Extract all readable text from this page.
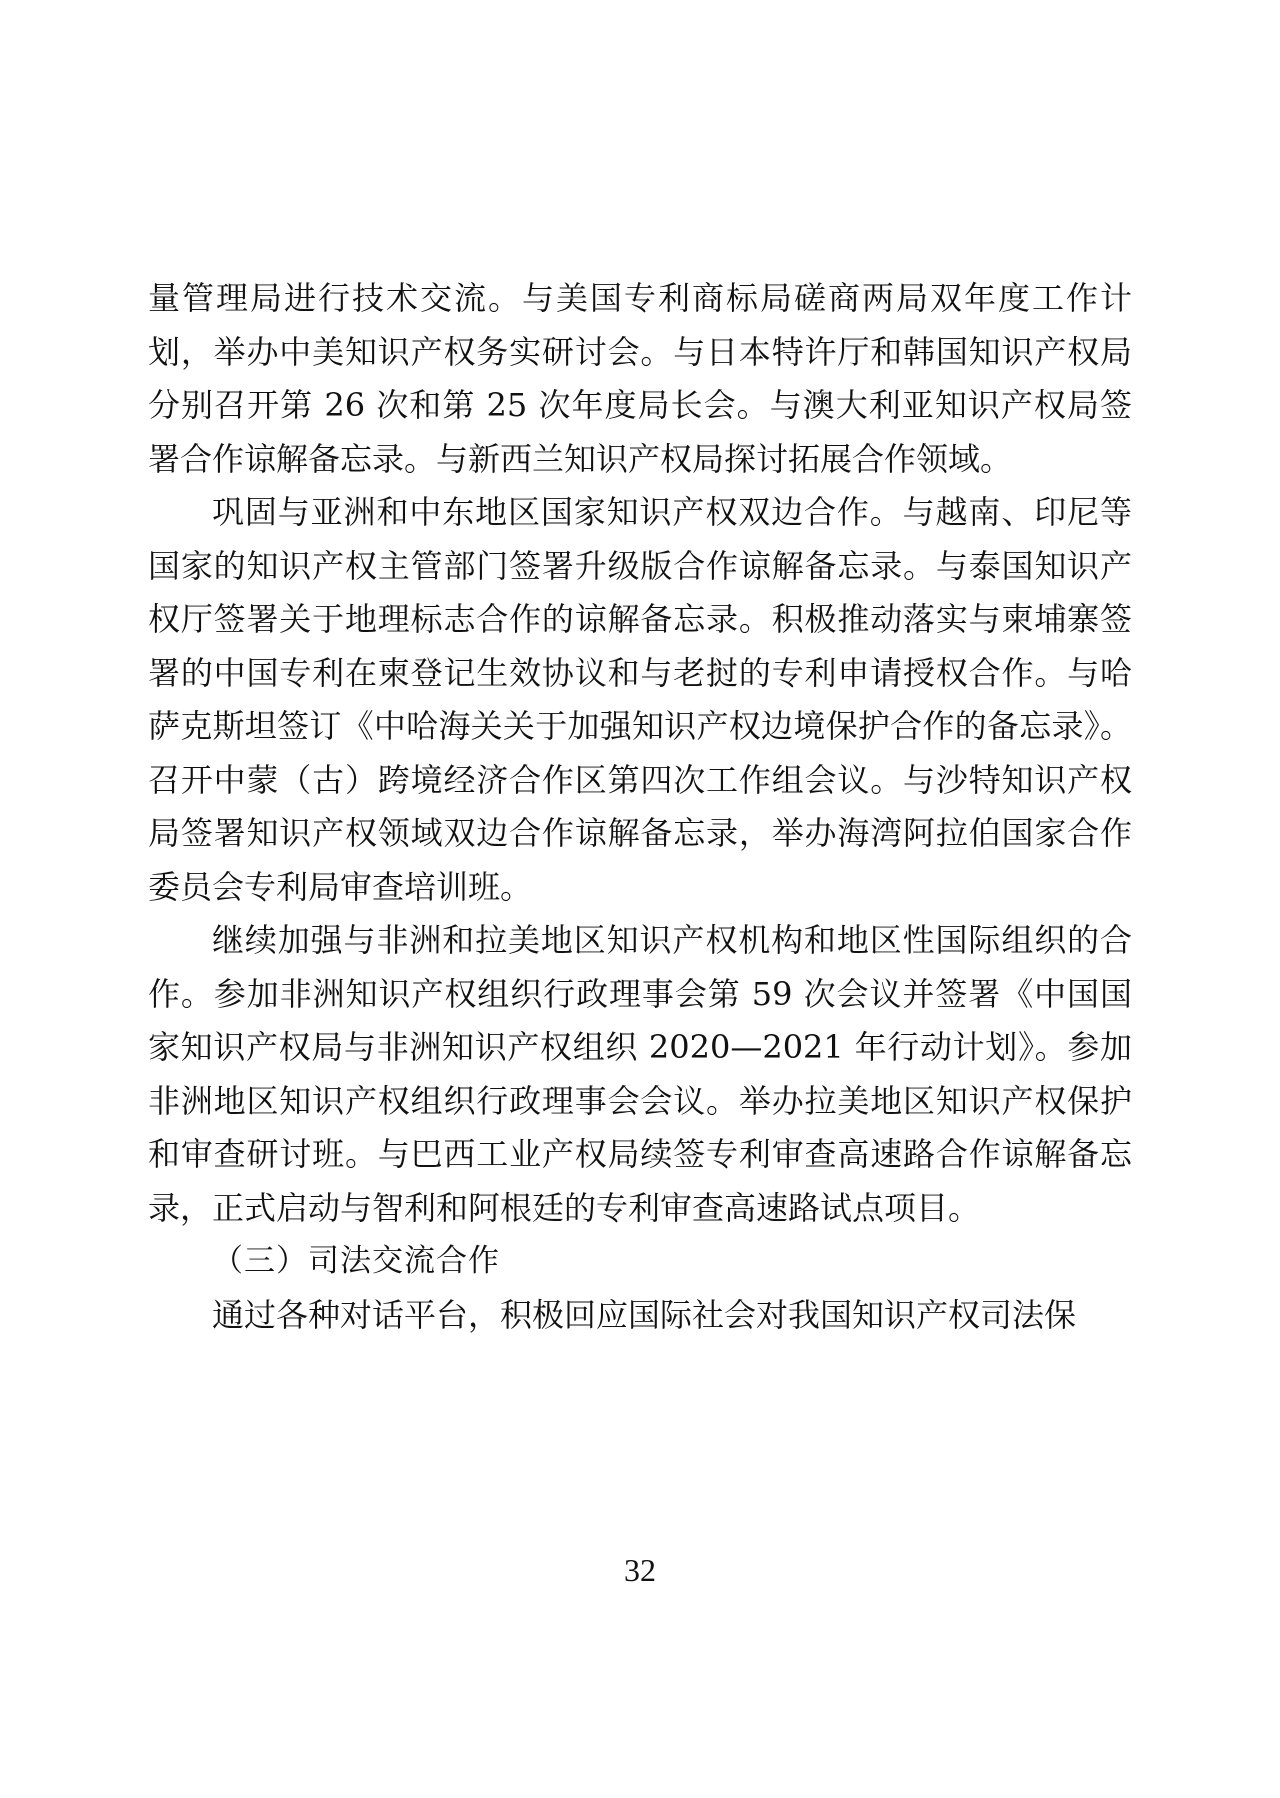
量管理局进行技术交流。与美国专利商标局磋商两局双年度工作计划，举办中美知识产权务实研讨会。与日本特许厅和韩国知识产权局分别召开第 26 次和第 25 次年度局长会。与澳大利亚知识产权局签署合作谅解备忘录。与新西兰知识产权局探讨拓展合作领域。

巩固与亚洲和中东地区国家知识产权双边合作。与越南、印尼等国家的知识产权主管部门签署升级版合作谅解备忘录。与泰国知识产权厅签署关于地理标志合作的谅解备忘录。积极推动落实与柬埔寨签署的中国专利在柬登记生效协议和与老挝的专利申请授权合作。与哈萨克斯坦签订《中哈海关关于加强知识产权边境保护合作的备忘录》。召开中蒙（古）跨境经济合作区第四次工作组会议。与沙特知识产权局签署知识产权领域双边合作谅解备忘录，举办海湾阿拉伯国家合作委员会专利局审查培训班。

继续加强与非洲和拉美地区知识产权机构和地区性国际组织的合作。参加非洲知识产权组织行政理事会第 59 次会议并签署《中国国家知识产权局与非洲知识产权组织 2020—2021 年行动计划》。参加非洲地区知识产权组织行政理事会会议。举办拉美地区知识产权保护和审查研讨班。与巴西工业产权局续签专利审查高速路合作谅解备忘录，正式启动与智利和阿根廷的专利审查高速路试点项目。

（三）司法交流合作

通过各种对话平台，积极回应国际社会对我国知识产权司法保

32
